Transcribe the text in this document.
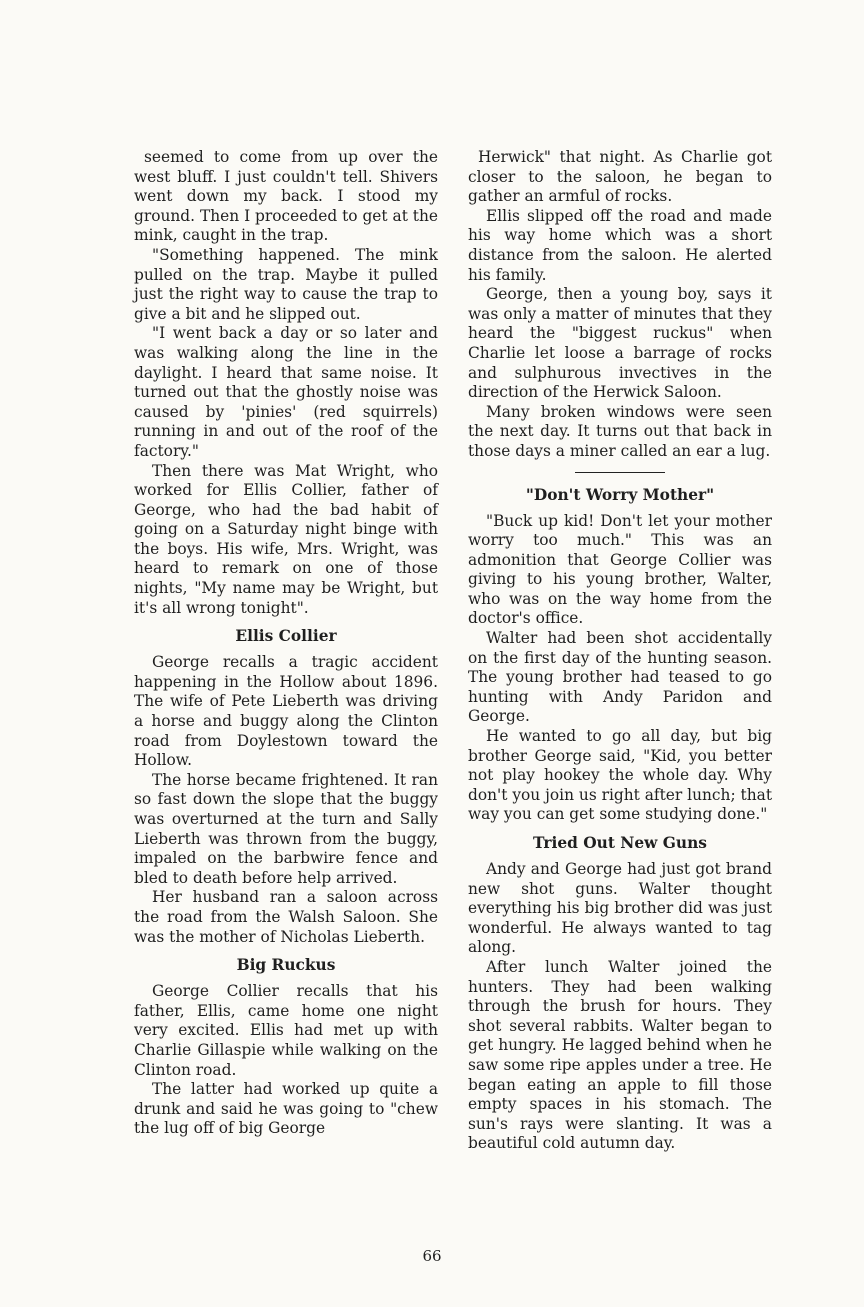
seemed to come from up over the west bluff. I just couldn't tell. Shivers went down my back. I stood my ground. Then I proceeded to get at the mink, caught in the trap.

"Something happened. The mink pulled on the trap. Maybe it pulled just the right way to cause the trap to give a bit and he slipped out.

"I went back a day or so later and was walking along the line in the daylight. I heard that same noise. It turned out that the ghostly noise was caused by 'pinies' (red squirrels) running in and out of the roof of the factory."

Then there was Mat Wright, who worked for Ellis Collier, father of George, who had the bad habit of going on a Saturday night binge with the boys. His wife, Mrs. Wright, was heard to remark on one of those nights, "My name may be Wright, but it's all wrong tonight".

Ellis Collier

George recalls a tragic accident happening in the Hollow about 1896. The wife of Pete Lieberth was driving a horse and buggy along the Clinton road from Doylestown toward the Hollow.

The horse became frightened. It ran so fast down the slope that the buggy was overturned at the turn and Sally Lieberth was thrown from the buggy, impaled on the barbwire fence and bled to death before help arrived.

Her husband ran a saloon across the road from the Walsh Saloon. She was the mother of Nicholas Lieberth.

Big Ruckus

George Collier recalls that his father, Ellis, came home one night very excited. Ellis had met up with Charlie Gillaspie while walking on the Clinton road.

The latter had worked up quite a drunk and said he was going to "chew the lug off of big George

Herwick" that night. As Charlie got closer to the saloon, he began to gather an armful of rocks.

Ellis slipped off the road and made his way home which was a short distance from the saloon. He alerted his family.

George, then a young boy, says it was only a matter of minutes that they heard the "biggest ruckus" when Charlie let loose a barrage of rocks and sulphurous invectives in the direction of the Herwick Saloon.

Many broken windows were seen the next day. It turns out that back in those days a miner called an ear a lug.

"Don't Worry Mother"

"Buck up kid! Don't let your mother worry too much." This was an admonition that George Collier was giving to his young brother, Walter, who was on the way home from the doctor's office.

Walter had been shot accidentally on the first day of the hunting season. The young brother had teased to go hunting with Andy Paridon and George.

He wanted to go all day, but big brother George said, "Kid, you better not play hookey the whole day. Why don't you join us right after lunch; that way you can get some studying done."

Tried Out New Guns

Andy and George had just got brand new shot guns. Walter thought everything his big brother did was just wonderful. He always wanted to tag along.

After lunch Walter joined the hunters. They had been walking through the brush for hours. They shot several rabbits. Walter began to get hungry. He lagged behind when he saw some ripe apples under a tree. He began eating an apple to fill those empty spaces in his stomach. The sun's rays were slanting. It was a beautiful cold autumn day.

66
